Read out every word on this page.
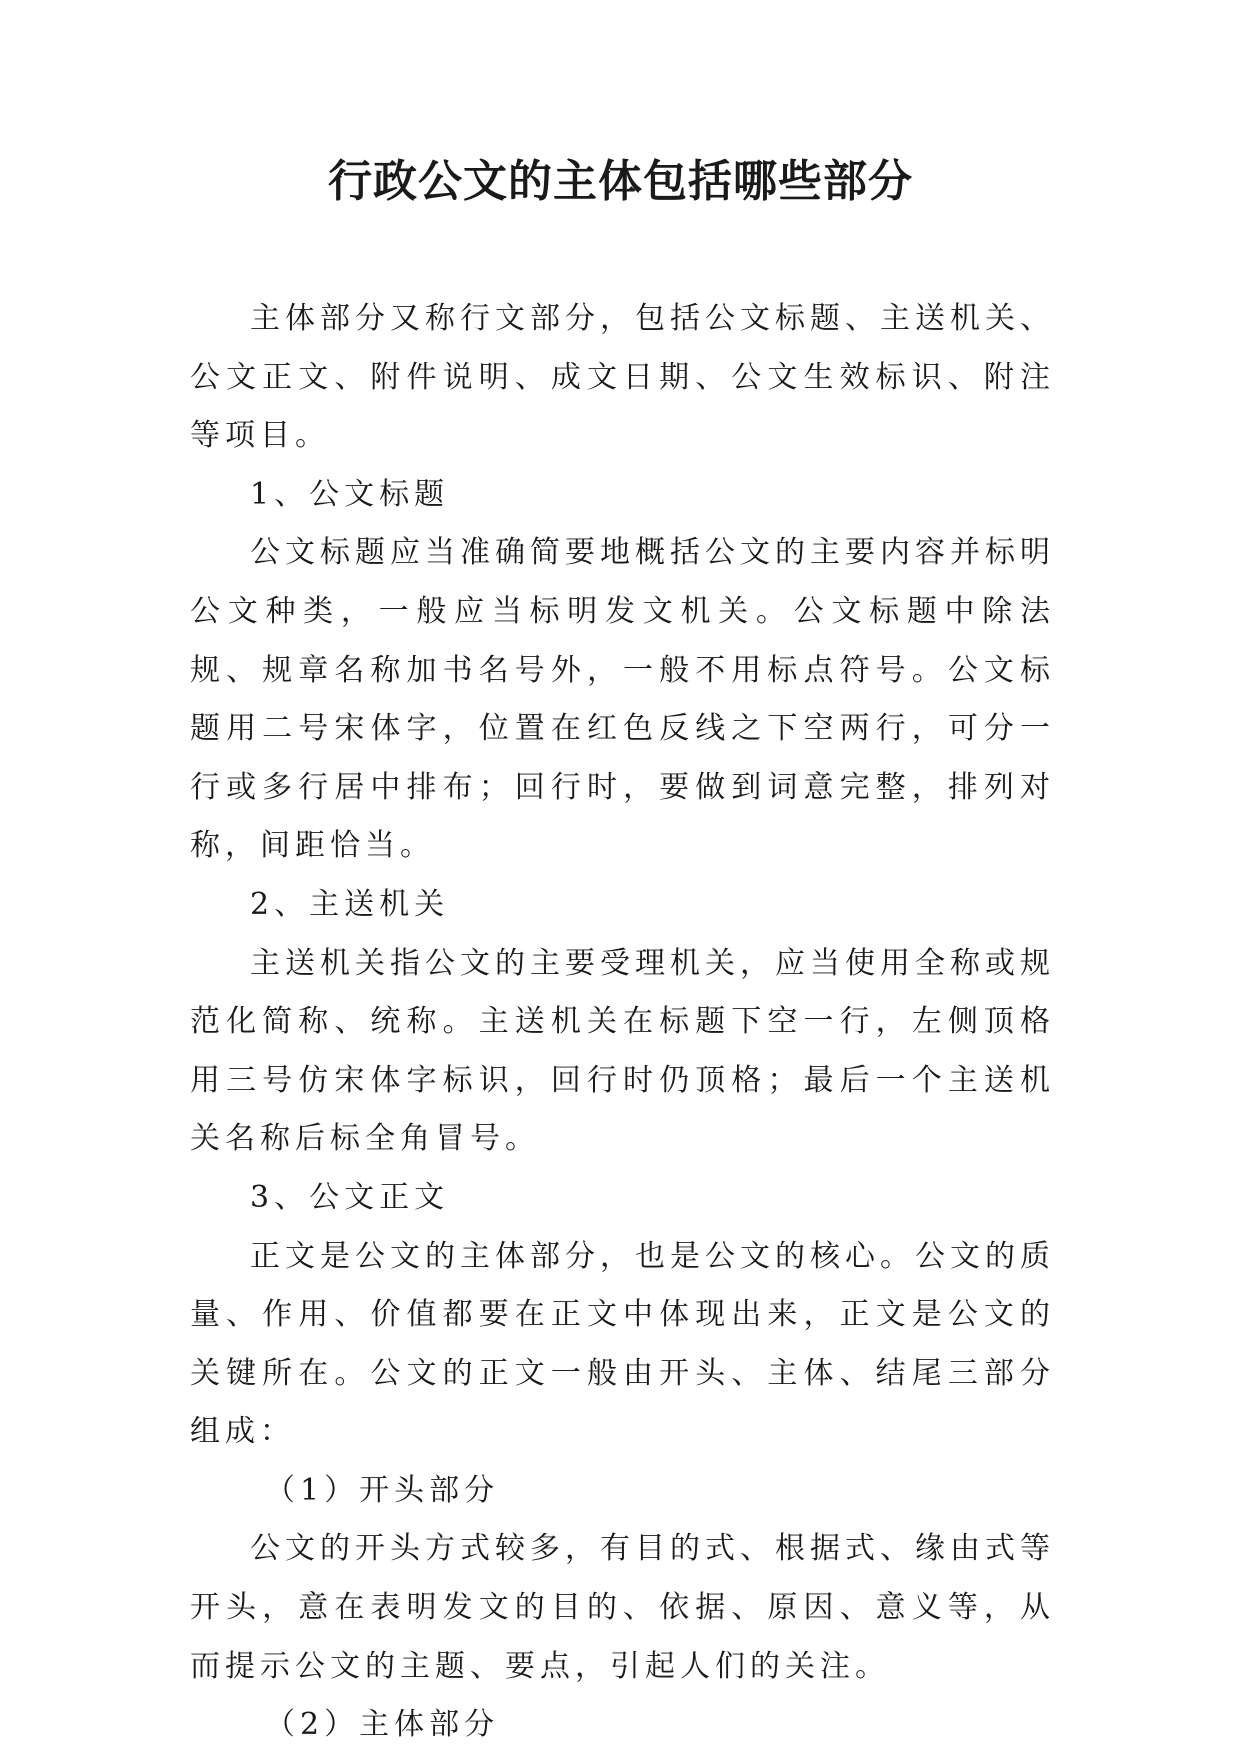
行政公文的主体包括哪些部分

主体部分又称行文部分，包括公文标题、主送机关、公文正文、附件说明、成文日期、公文生效标识、附注等项目。

1、公文标题

公文标题应当准确简要地概括公文的主要内容并标明公文种类，一般应当标明发文机关。公文标题中除法规、规章名称加书名号外，一般不用标点符号。公文标题用二号宋体字，位置在红色反线之下空两行，可分一行或多行居中排布；回行时，要做到词意完整，排列对称，间距恰当。

2、主送机关

主送机关指公文的主要受理机关，应当使用全称或规范化简称、统称。主送机关在标题下空一行，左侧顶格用三号仿宋体字标识，回行时仍顶格；最后一个主送机关名称后标全角冒号。

3、公文正文

正文是公文的主体部分，也是公文的核心。公文的质量、作用、价值都要在正文中体现出来，正文是公文的关键所在。公文的正文一般由开头、主体、结尾三部分组成：

（1）开头部分

公文的开头方式较多，有目的式、根据式、缘由式等开头，意在表明发文的目的、依据、原因、意义等，从而提示公文的主题、要点，引起人们的关注。

（2）主体部分
